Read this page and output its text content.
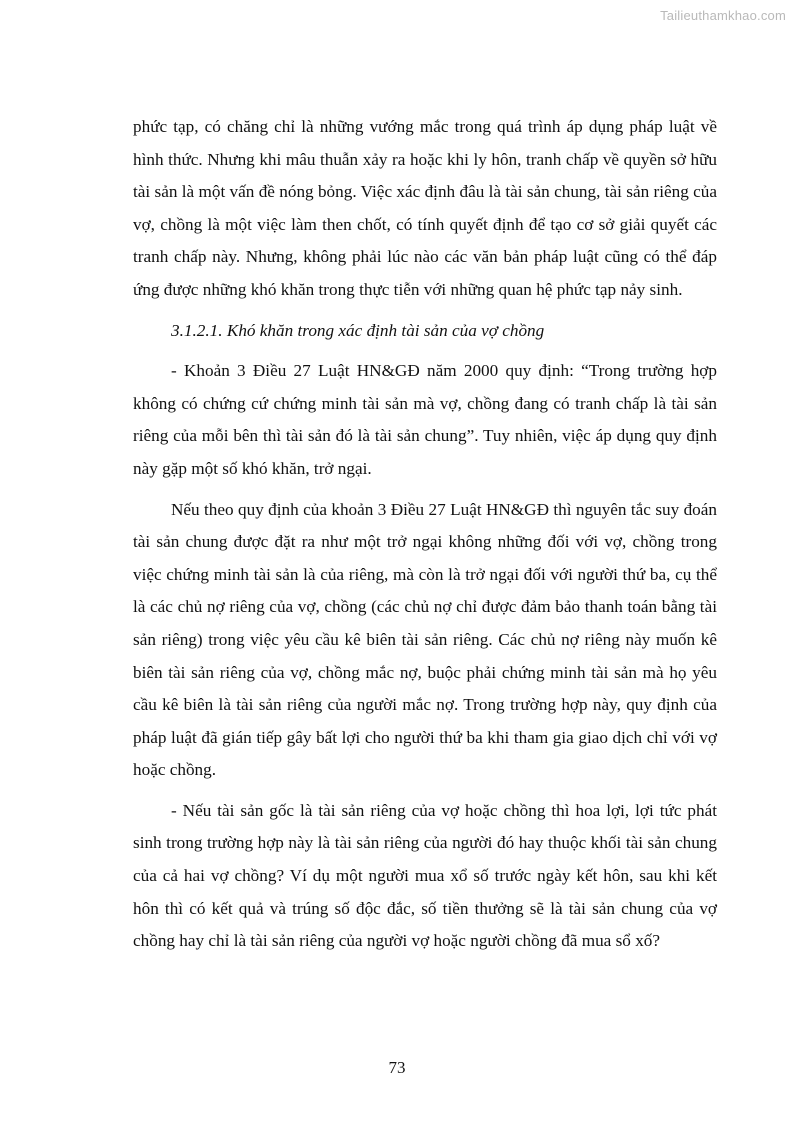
Tailieuthamkhao.com

phức tạp, có chăng chỉ là những vướng mắc trong quá trình áp dụng pháp luật về hình thức. Nhưng khi mâu thuẫn xảy ra hoặc khi ly hôn, tranh chấp về quyền sở hữu tài sản là một vấn đề nóng bỏng. Việc xác định đâu là tài sản chung, tài sản riêng của vợ, chồng là một việc làm then chốt, có tính quyết định để tạo cơ sở giải quyết các tranh chấp này. Nhưng, không phải lúc nào các văn bản pháp luật cũng có thể đáp ứng được những khó khăn trong thực tiễn với những quan hệ phức tạp nảy sinh.

3.1.2.1. Khó khăn trong xác định tài sản của vợ chồng

- Khoản 3 Điều 27 Luật HN&GĐ năm 2000 quy định: “Trong trường hợp không có chứng cứ chứng minh tài sản mà vợ, chồng đang có tranh chấp là tài sản riêng của mỗi bên thì tài sản đó là tài sản chung”. Tuy nhiên, việc áp dụng quy định này gặp một số khó khăn, trở ngại.

Nếu theo quy định của khoản 3 Điều 27 Luật HN&GĐ thì nguyên tắc suy đoán tài sản chung được đặt ra như một trở ngại không những đối với vợ, chồng trong việc chứng minh tài sản là của riêng, mà còn là trở ngại đối với người thứ ba, cụ thể là các chủ nợ riêng của vợ, chồng (các chủ nợ chỉ được đảm bảo thanh toán bằng tài sản riêng) trong việc yêu cầu kê biên tài sản riêng. Các chủ nợ riêng này muốn kê biên tài sản riêng của vợ, chồng mắc nợ, buộc phải chứng minh tài sản mà họ yêu cầu kê biên là tài sản riêng của người mắc nợ. Trong trường hợp này, quy định của pháp luật đã gián tiếp gây bất lợi cho người thứ ba khi tham gia giao dịch chỉ với vợ hoặc chồng.

- Nếu tài sản gốc là tài sản riêng của vợ hoặc chồng thì hoa lợi, lợi tức phát sinh trong trường hợp này là tài sản riêng của người đó hay thuộc khối tài sản chung của cả hai vợ chồng? Ví dụ một người mua xổ số trước ngày kết hôn, sau khi kết hôn thì có kết quả và trúng số độc đắc, số tiền thưởng sẽ là tài sản chung của vợ chồng hay chỉ là tài sản riêng của người vợ hoặc người chồng đã mua sổ xố?

73
